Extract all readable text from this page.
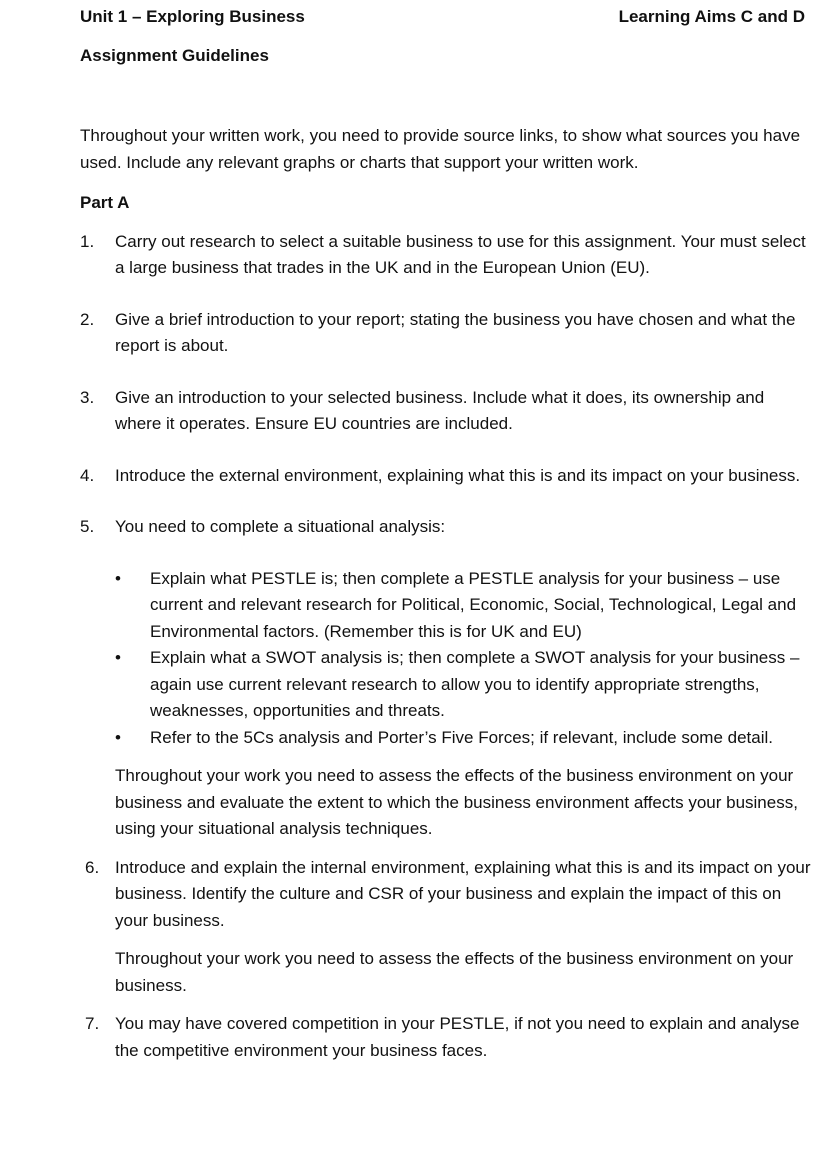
Unit 1 – Exploring Business	Learning Aims C and D
Assignment Guidelines
Throughout your written work, you need to provide source links, to show what sources you have used. Include any relevant graphs or charts that support your written work.
Part A
1. Carry out research to select a suitable business to use for this assignment. Your must select a large business that trades in the UK and in the European Union (EU).
2. Give a brief introduction to your report; stating the business you have chosen and what the report is about.
3. Give an introduction to your selected business. Include what it does, its ownership and where it operates. Ensure EU countries are included.
4. Introduce the external environment, explaining what this is and its impact on your business.
5. You need to complete a situational analysis:
• Explain what PESTLE is; then complete a PESTLE analysis for your business – use current and relevant research for Political, Economic, Social, Technological, Legal and Environmental factors. (Remember this is for UK and EU)
• Explain what a SWOT analysis is; then complete a SWOT analysis for your business – again use current relevant research to allow you to identify appropriate strengths, weaknesses, opportunities and threats.
• Refer to the 5Cs analysis and Porter’s Five Forces; if relevant, include some detail.
Throughout your work you need to assess the effects of the business environment on your business and evaluate the extent to which the business environment affects your business, using your situational analysis techniques.
6. Introduce and explain the internal environment, explaining what this is and its impact on your business. Identify the culture and CSR of your business and explain the impact of this on your business.
Throughout your work you need to assess the effects of the business environment on your business.
7. You may have covered competition in your PESTLE, if not you need to explain and analyse the competitive environment your business faces.
